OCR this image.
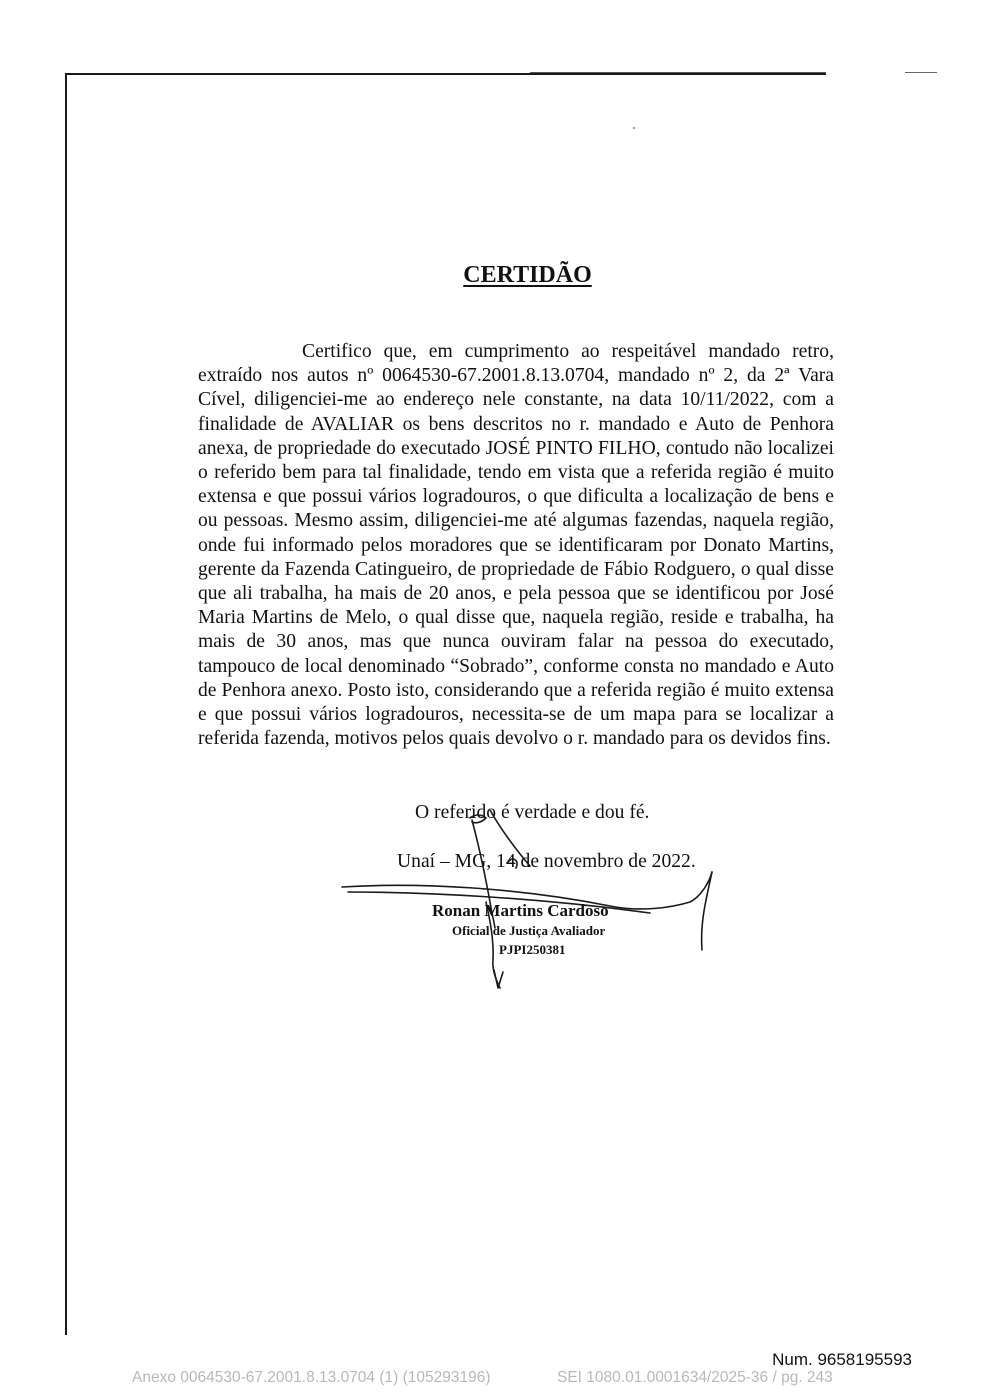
CERTIDÃO

Certifico que, em cumprimento ao respeitável mandado retro, extraído nos autos nº 0064530-67.2001.8.13.0704, mandado nº 2, da 2ª Vara Cível, diligenciei-me ao endereço nele constante, na data 10/11/2022, com a finalidade de AVALIAR os bens descritos no r. mandado e Auto de Penhora anexa, de propriedade do executado JOSÉ PINTO FILHO, contudo não localizei o referido bem para tal finalidade, tendo em vista que a referida região é muito extensa e que possui vários logradouros, o que dificulta a localização de bens e ou pessoas. Mesmo assim, diligenciei-me até algumas fazendas, naquela região, onde fui informado pelos moradores que se identificaram por Donato Martins, gerente da Fazenda Catingueiro, de propriedade de Fábio Rodguero, o qual disse que ali trabalha, ha mais de 20 anos, e pela pessoa que se identificou por José Maria Martins de Melo, o qual disse que, naquela região, reside e trabalha, ha mais de 30 anos, mas que nunca ouviram falar na pessoa do executado, tampouco de local denominado “Sobrado”, conforme consta no mandado e Auto de Penhora anexo. Posto isto, considerando que a referida região é muito extensa e que possui vários logradouros, necessita-se de um mapa para se localizar a referida fazenda, motivos pelos quais devolvo o r. mandado para os devidos fins.

O referido é verdade e dou fé.

Unaí – MG, 14 de novembro de 2022.

Ronan Martins Cardoso

Oficial de Justiça Avaliador

PJPI250381

Num. 9658195593

Anexo 0064530-67.2001.8.13.0704 (1) (105293196)	SEI 1080.01.0001634/2025-36 / pg. 243
